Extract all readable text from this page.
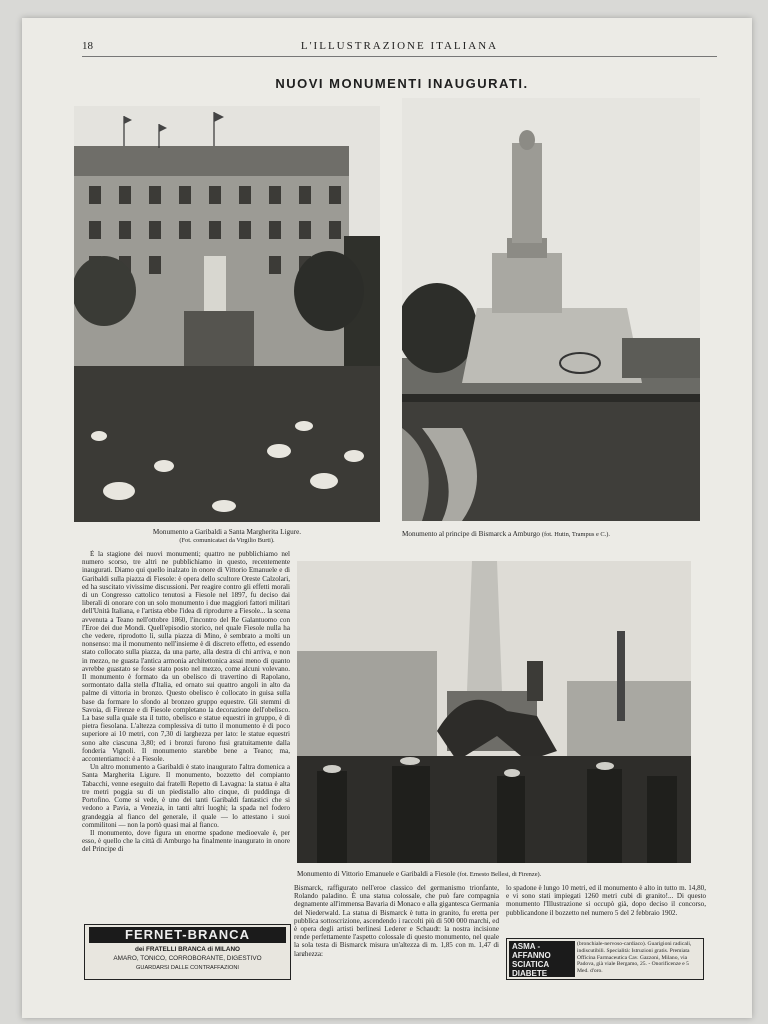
18	L'ILLUSTRAZIONE ITALIANA
NUOVI MONUMENTI INAUGURATI.
Monumento a Garibaldi a Santa Margherita Ligure.
(Fot. comunicataci da Virgilio Burti).
Monumento al principe di Bismarck a Amburgo (fot. Hutin, Trampus e C.).
Monumento di Vittorio Emanuele e Garibaldi a Fiesole (fot. Ernesto Bellesi, di Firenze).

È la stagione dei nuovi monumenti; quattro ne pubblichiamo nel numero scorso, tre altri ne pubblichiamo in questo, recentemente inaugurati. Diamo qui quello inalzato in onore di Vittorio Emanuele e di Garibaldi sulla piazza di Fiesole: è opera dello scultore Oreste Calzolari, ed ha suscitato vivissime discussioni. Per reagire contro gli effetti morali di un Congresso cattolico tenutosi a Fiesole nel 1897, fu deciso dai liberali di onorare con un solo monumento i due maggiori fattori militari dell'Unità Italiana, e l'artista ebbe l'idea di riprodurre a Fiesole... la scena avvenuta a Teano nell'ottobre 1860, l'incontro del Re Galantuomo con l'Eroe dei due Mondi. Quell'episodio storico, nel quale Fiesole nulla ha che vedere, riprodotto lì, sulla piazza di Mino, è sembrato a molti un nonsenso: ma il monumento nell'insieme è di discreto effetto, ed essendo stato collocato sulla piazza, da una parte, alla destra di chi arriva, e non in mezzo, ne guasta l'antica armonia architettonica assai meno di quanto avrebbe guastato se fosse stato posto nel mezzo, come alcuni volevano. Il monumento è formato da un obelisco di travertino di Rapolano, sormontato dalla stella d'Italia, ed ornato sui quattro angoli in alto da palme di vittoria in bronzo. Questo obelisco è collocato in guisa sulla base da formare lo sfondo al bronzeo gruppo equestre. Gli stemmi di Savoia, di Firenze e di Fiesole completano la decorazione dell'obelisco. La base sulla quale sta il tutto, obelisco e statue equestri in gruppo, è di pietra fiesolana. L'altezza complessiva di tutto il monumento è di poco superiore ai 10 metri, con 7,30 di larghezza per lato: le statue equestri sono alte ciascuna 3,80; ed i bronzi furono fusi gratuitamente dalla fonderia Vignoli. Il monumento starebbe bene a Teano; ma, accontentiamoci: è a Fiesole.

Un altro monumento a Garibaldi è stato inaugurato l'altra domenica a Santa Margherita Ligure. Il monumento, bozzetto del compianto Tabacchi, venne eseguito dai fratelli Repetto di Lavagna: la statua è alta tre metri poggia su di un piedistallo alto cinque, di puddinga di Portofino. Come si vede, è uno dei tanti Garibaldi fantastici che si vedono a Pavia, a Venezia, in tanti altri luoghi; la spada nel fodero grandeggia al fianco del generale, il quale — lo attestano i suoi commilitoni — non la portò quasi mai al fianco.

Il monumento, dove figura un enorme spadone medioevale è, per esso, è quello che la città di Amburgo ha finalmente inaugurato in onore del Principe di

Bismarck, raffigurato nell'eroe classico del germanismo trionfante, Rolando paladino. È una statua colossale, che può fare compagnia degnamente all'immensa Bavaria di Monaco e alla gigantesca Germania del Niederwald. La statua di Bismarck è tutta in granito, fu eretta per pubblica sottoscrizione, ascendendo i raccolti più di 500 000 marchi, ed è opera degli artisti berlinesi Lederer e Schaudt: la nostra incisione rende perfettamente l'aspetto colossale di questo monumento, nel quale la sola testa di Bismarck misura un'altezza di m. 1,85 con m. 1,47 di larghezza;

lo spadone è lungo 10 metri, ed il monumento è alto in tutto m. 14,80, e vi sono stati impiegati 1260 metri cubi di granito!... Di questo monumento l'Illustrazione si occupò già, dopo deciso il concorso, pubblicandone il bozzetto nel numero 5 del 2 febbraio 1902.

FERNET-BRANCA
dei FRATELLI BRANCA di MILANO
AMARO, TONICO, CORROBORANTE, DIGESTIVO
GUARDARSI DALLE CONTRAFFAZIONI
ASMA - AFFANNO
SCIATICA
DIABETE
(bronchiale-nervoso-cardiaco). Guarigioni radicali, indiscutibili. Specialità: Istruzioni gratis. Premiata Officina Farmaceutica Cav. Gazzoni, Milano, via Padova, già viale Bergamo, 25. - Onorificenze e 5 Med. d'oro.
